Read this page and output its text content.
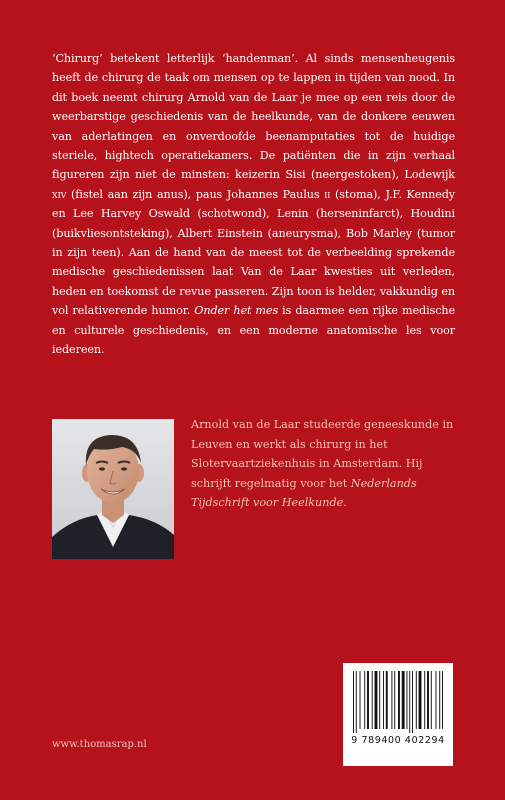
‘Chirurg’ betekent letterlijk ‘handenman’. Al sinds mensenheugenis heeft de chirurg de taak om mensen op te lappen in tijden van nood. In dit boek neemt chirurg Arnold van de Laar je mee op een reis door de weerbarstige geschiedenis van de heelkunde, van de donkere eeuwen van aderlatingen en onverdoofde beenamputaties tot de huidige steriele, hightech operatiekamers. De patiënten die in zijn verhaal figureren zijn niet de minsten: keizerin Sisi (neergestoken), Lodewijk xiv (fistel aan zijn anus), paus Johannes Paulus ii (stoma), J.F. Kennedy en Lee Harvey Oswald (schotwond), Lenin (herseninfarct), Houdini (buikvliesontsteking), Albert Einstein (aneurysma), Bob Marley (tumor in zijn teen). Aan de hand van de meest tot de verbeelding sprekende medische geschiedenissen laat Van de Laar kwesties uit verleden, heden en toekomst de revue passeren. Zijn toon is helder, vakkundig en vol relativerende humor. Onder het mes is daarmee een rijke medische en culturele geschiedenis, en een moderne anatomische les voor iedereen.

Arnold van de Laar studeerde geneeskunde in Leuven en werkt als chirurg in het Slotervaartziekenhuis in Amsterdam. Hij schrijft regelmatig voor het Nederlands Tijdschrift voor Heelkunde.

9 789400 402294
www.thomasrap.nl
